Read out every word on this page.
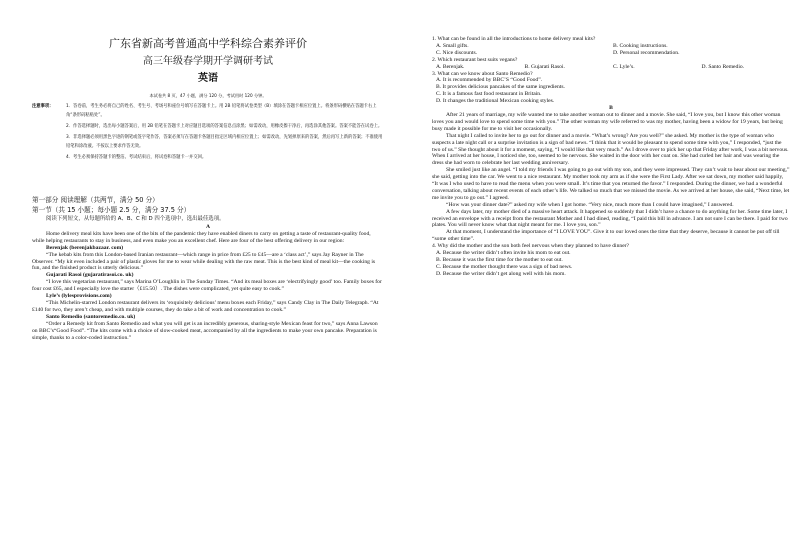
广东省新高考普通高中学科综合素养评价

高三年级春学期开学调研考试

英语

本试卷共 8 页，47 小题，满分 120 分，考试用时 120 分钟。

注意事项：	1．答卷前，考生务必将自己的姓名、考生号、考场号和座位号填写在答题卡上。用 2B 铅笔将试卷类型（B）填涂在答题卡相应位置上。将条形码横贴在答题卡右上角“条形码粘贴处”。
2．作答选择题时，选出每小题答案后，用 2B 铅笔在答题卡上对应题目选项的答案信息点涂黑；如需改动，用橡皮擦干净后，再选涂其他答案。答案不能答在试卷上。
3．非选择题必须用黑色字迹的钢笔或签字笔作答，答案必须写在答题卡各题目指定区域内相应位置上；如需改动，先划掉原来的答案，然后再写上新的答案；不准使用铅笔和涂改液。不按以上要求作答无效。
4．考生必须保持答题卡的整洁。考试结束后，将试卷和答题卡一并交回。

第一部分 阅读理解（共两节，满分 50 分）

第一节（共 15 小题；每小题 2.5 分，满分 37.5 分）

阅读下列短文，从每题所给的 A、B、C 和 D 四个选项中，选出最佳选项。

A

Home delivery meal kits have been one of the bits of the pandemic they have enabled diners to carry on getting a taste of restaurant-quality food, while helping restaurants to stay in business, and even make you an excellent chef. Here are four of the best offering delivery in our region:

Berenjak (berenjakbazaar. com)

“The kebab kits from this London-based Iranian restaurant—which range in price from £25 to £45—are a ‘class act’,” says Jay Rayner in The Observer. “My kit even included a pair of plastic gloves for me to wear while dealing with the raw meat. This is the best kind of meal kit—the cooking is fun, and the finished product is utterly delicious.”

Gujarati Rasoi (gujaratirasoi.co. uk)

“I love this vegetarian restaurant,” says Marina O’Loughlin in The Sunday Times. “And its meal boxes are ‘electrifyingly good’ too. Family boxes for four cost £65, and I especially love the starter（£15.50）. The dishes were complicated, yet quite easy to cook.”

Lyle’s (lylesprovisions.com)

“This Michelin-starred London restaurant delivers its ‘exquisitely delicious’ menu boxes each Friday,” says Candy Clay in The Daily Telegraph. “At £140 for two, they aren’t cheap, and with multiple courses, they do take a bit of work and concentration to cook.”

Santo Remedio (santoremedio.co. uk)

“Order a Remedy kit from Santo Remedio and what you will get is an incredibly generous, sharing-style Mexican feast for two,” says Anna Lawson on BBC’s“Good Food”. “The kits come with a choice of slow-cooked meat, accompanied by all the ingredients to make your own pancake. Preparation is simple, thanks to a color-coded instruction.”

1. What can be found in all the introductions to home delivery meal kits?

A. Small gifts.	B. Cooking instructions.
C. Nice discounts.	D. Personal recommendation.

2. Which restaurant best suits vegans?

A. Berenjak.	B. Gujarati Rasoi.	C. Lyle’s.	D. Santo Remedio.

3. What can we know about Santo Remedio?

A. It is recommended by BBC’S “Good Food”.

B. It provides delicious pancakes of the same ingredients.

C. It is a famous fast food restaurant in Britain.

D. It changes the traditional Mexican cooking styles.

B

After 21 years of marriage, my wife wanted me to take another woman out to dinner and a movie. She said, “I love you, but I know this other woman loves you and would love to spend some time with you.” The other woman my wife referred to was my mother, having been a widow for 19 years, but being busy made it possible for me to visit her occasionally.

That night I called to invite her to go out for dinner and a movie. “What’s wrong? Are you well?” she asked. My mother is the type of woman who suspects a late night call or a surprise invitation is a sign of bad news. “I think that it would be pleasant to spend some time with you,” I responded, “just the two of us.” She thought about it for a moment, saying, “I would like that very much.” As I drove over to pick her up that Friday after work, I was a bit nervous. When I arrived at her house, I noticed she, too, seemed to be nervous. She waited in the door with her coat on. She had curled her hair and was wearing the dress she had worn to celebrate her last wedding anniversary.

She smiled just like an angel. “I told my friends I was going to go out with my son, and they were impressed. They can’t wait to hear about our meeting,” she said, getting into the car. We went to a nice restaurant. My mother took my arm as if she were the First Lady. After we sat down, my mother said happily, “It was I who used to have to read the menu when you were small. It’s time that you returned the favor.” I responded. During the dinner, we had a wonderful conversation, talking about recent events of each other’s life. We talked so much that we missed the movie. As we arrived at her house, she said, “Next time, let me invite you to go out.” I agreed.

“How was your dinner date?” asked my wife when I got home. “Very nice, much more than I could have imagined,” I answered.

A few days later, my mother died of a massive heart attack. It happened so suddenly that I didn’t have a chance to do anything for her. Some time later, I received an envelope with a receipt from the restaurant Mother and I had dined, reading, “I paid this bill in advance. I am not sure I can be there. I paid for two plates. You will never know what that night meant for me. I love you, son.”

At that moment, I understand the importance of “I LOVE YOU”. Give it to our loved ones the time that they deserve, because it cannot be put off till “some other time”.

4. Why did the mother and the son both feel nervous when they planned to have dinner?

A. Because the writer didn’t often invite his mom to eat out.

B. Because it was the first time for the mother to eat out.

C. Because the mother thought there was a sign of bad news.

D. Because the writer didn’t get along well with his mom.
